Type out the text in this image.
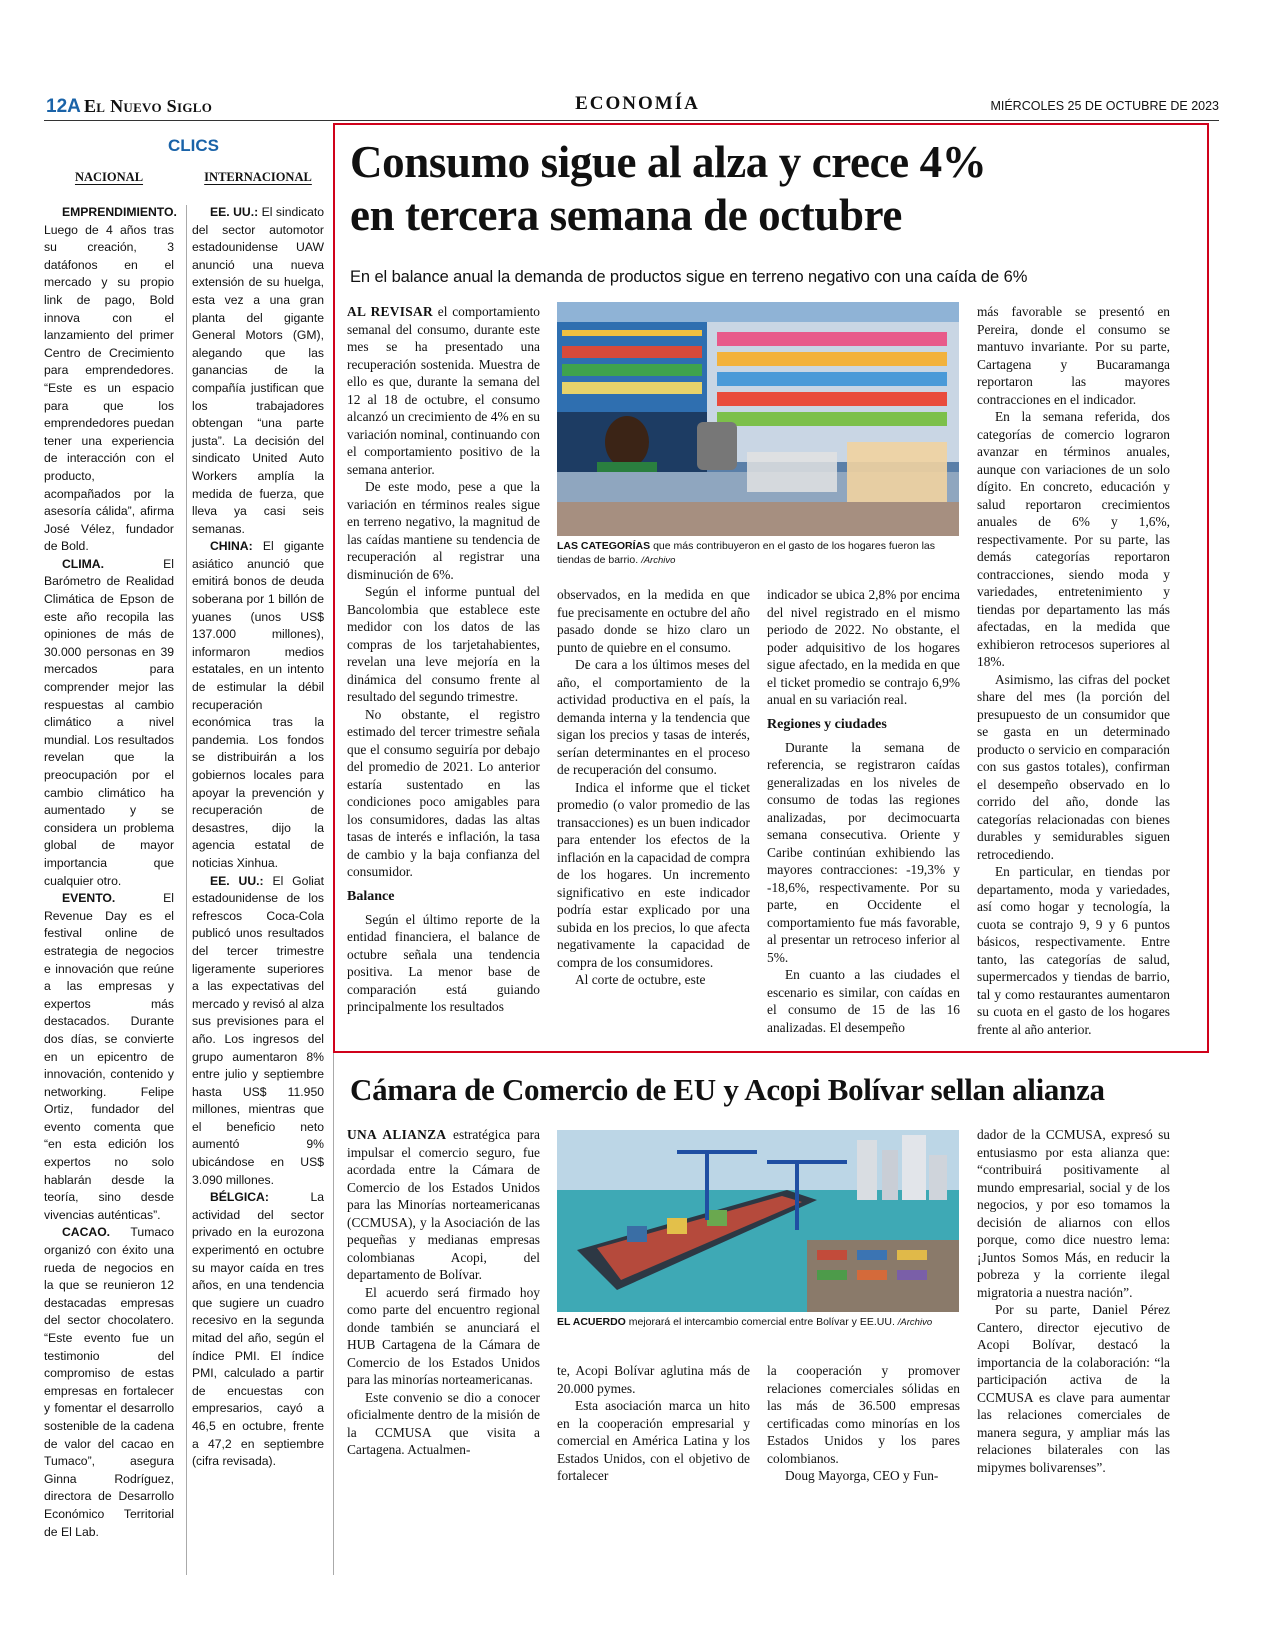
12A El Nuevo Siglo	ECONOMÍA	MIÉRCOLES 25 DE OCTUBRE DE 2023
CLICS
NACIONAL	INTERNACIONAL

EMPRENDIMIENTO. Luego de 4 años tras su creación, 3 datáfonos en el mercado y su propio link de pago, Bold innova con el lanzamiento del primer Centro de Crecimiento para emprendedores. “Este es un espacio para que los emprendedores puedan tener una experiencia de interacción con el producto, acompañados por la asesoría cálida”, afirma José Vélez, fundador de Bold.

CLIMA.	El Barómetro de Realidad Climática de Epson de este año recopila las opiniones de más de 30.000 personas en 39 mercados para comprender mejor las respuestas al cambio climático a nivel mundial. Los resultados revelan que la preocupación por el cambio climático ha aumentado y se considera un problema global de mayor importancia que cualquier otro.

EVENTO.	El Revenue Day es el festival online de estrategia de negocios e innovación que reúne a las empresas y expertos más destacados. Durante dos días, se convierte en un epicentro de innovación, contenido y networking. Felipe Ortiz, fundador del evento comenta que “en esta edición los expertos no solo hablarán desde la teoría, sino desde vivencias auténticas”.

CACAO. Tumaco organizó con éxito una rueda de negocios en la que se reunieron 12 destacadas empresas del sector chocolatero. “Este evento fue un testimonio del compromiso de estas empresas en fortalecer y fomentar el desarrollo sostenible de la cadena de valor del cacao en Tumaco”, asegura Ginna Rodríguez, directora de Desarrollo Económico Territorial de El Lab.

EE. UU.: El sindicato del sector automotor estadounidense UAW anunció una nueva extensión de su huelga, esta vez a una gran planta del gigante General Motors (GM), alegando que las ganancias de la compañía justifican que los trabajadores obtengan “una parte justa”. La decisión del sindicato United Auto Workers amplía la medida de fuerza, que lleva ya casi seis semanas.

CHINA: El gigante asiático anunció que emitirá bonos de deuda soberana por 1 billón de yuanes (unos US$ 137.000 millones), informaron medios estatales, en un intento de estimular la débil recuperación económica tras la pandemia. Los fondos se distribuirán a los gobiernos locales para apoyar la prevención y recuperación de desastres, dijo la agencia estatal de noticias Xinhua.

EE. UU.: El Goliat estadounidense de los refrescos Coca-Cola publicó unos resultados del tercer trimestre ligeramente superiores a las expectativas del mercado y revisó al alza sus previsiones para el año. Los ingresos del grupo aumentaron 8% entre julio y septiembre hasta US$ 11.950 millones, mientras que el beneficio neto aumentó 9% ubicándose en US$ 3.090 millones.

BÉLGICA:	La actividad del sector privado en la eurozona experimentó en octubre su mayor caída en tres años, en una tendencia que sugiere un cuadro recesivo en la segunda mitad del año, según el índice PMI. El índice PMI, calculado a partir de encuestas con empresarios, cayó a 46,5 en octubre, frente a 47,2 en septiembre (cifra revisada).

Consumo sigue al alza y crece 4%
en tercera semana de octubre
En el balance anual la demanda de productos sigue en terreno negativo con una caída de 6%
LAS CATEGORÍAS que más contribuyeron en el gasto de los hogares fueron las tiendas de barrio. /Archivo

AL REVISAR el comportamiento semanal del consumo, durante este mes se ha presentado una recuperación sostenida. Muestra de ello es que, durante la semana del 12 al 18 de octubre, el consumo alcanzó un crecimiento de 4% en su variación nominal, continuando con el comportamiento positivo de la semana anterior.

De este modo, pese a que la variación en términos reales sigue en terreno negativo, la magnitud de las caídas mantiene su tendencia de recuperación al registrar una disminución de 6%.

Según el informe puntual del Bancolombia que establece este medidor con los datos de las compras de los tarjetahabientes, revelan una leve mejoría en la dinámica del consumo frente al resultado del segundo trimestre.

No obstante, el registro estimado del tercer trimestre señala que el consumo seguiría por debajo del promedio de 2021. Lo anterior estaría sustentado en las condiciones poco amigables para los consumidores, dadas las altas tasas de interés e inflación, la tasa de cambio y la baja confianza del consumidor.

Balance

Según el último reporte de la entidad financiera, el balance de octubre señala una tendencia positiva. La menor base de comparación está guiando principalmente los resultados

observados, en la medida en que fue precisamente en octubre del año pasado donde se hizo claro un punto de quiebre en el consumo.

De cara a los últimos meses del año, el comportamiento de la actividad productiva en el país, la demanda interna y la tendencia que sigan los precios y tasas de interés, serían determinantes en el proceso de recuperación del consumo.

Indica el informe que el ticket promedio (o valor promedio de las transacciones) es un buen indicador para entender los efectos de la inflación en la capacidad de compra de los hogares. Un incremento significativo en este indicador podría estar explicado por una subida en los precios, lo que afecta negativamente la capacidad de compra de los consumidores.

Al corte de octubre, este

indicador se ubica 2,8% por encima del nivel registrado en el mismo periodo de 2022. No obstante, el poder adquisitivo de los hogares sigue afectado, en la medida en que el ticket promedio se contrajo 6,9% anual en su variación real.

Regiones y ciudades

Durante la semana de referencia, se registraron caídas generalizadas en los niveles de consumo de todas las regiones analizadas, por decimocuarta semana consecutiva. Oriente y Caribe continúan exhibiendo las mayores contracciones: -19,3% y -18,6%, respectivamente. Por su parte, en Occidente el comportamiento fue más favorable, al presentar un retroceso inferior al 5%.

En cuanto a las ciudades el escenario es similar, con caídas en el consumo de 15 de las 16 analizadas. El desempeño

más favorable se presentó en Pereira, donde el consumo se mantuvo invariante. Por su parte, Cartagena y Bucaramanga reportaron las mayores contracciones en el indicador.

En la semana referida, dos categorías de comercio lograron avanzar en términos anuales, aunque con variaciones de un solo dígito. En concreto, educación y salud reportaron crecimientos anuales de 6% y 1,6%, respectivamente. Por su parte, las demás categorías reportaron contracciones, siendo moda y variedades, entretenimiento y tiendas por departamento las más afectadas, en la medida que exhibieron retrocesos superiores al 18%.

Asimismo, las cifras del pocket share del mes (la porción del presupuesto de un consumidor que se gasta en un determinado producto o servicio en comparación con sus gastos totales), confirman el desempeño observado en lo corrido del año, donde las categorías relacionadas con bienes durables y semidurables siguen retrocediendo.

En particular, en tiendas por departamento, moda y variedades, así como hogar y tecnología, la cuota se contrajo 9, 9 y 6 puntos básicos, respectivamente. Entre tanto, las categorías de salud, supermercados y tiendas de barrio, tal y como restaurantes aumentaron su cuota en el gasto de los hogares frente al año anterior.

Cámara de Comercio de EU y Acopi Bolívar sellan alianza
EL ACUERDO mejorará el intercambio comercial entre Bolívar y EE.UU. /Archivo

UNA ALIANZA estratégica para impulsar el comercio seguro, fue acordada entre la Cámara de Comercio de los Estados Unidos para las Minorías norteamericanas (CCMUSA), y la Asociación de las pequeñas y medianas empresas colombianas Acopi, del departamento de Bolívar.

El acuerdo será firmado hoy como parte del encuentro regional donde también se anunciará el HUB Cartagena de la Cámara de Comercio de los Estados Unidos para las minorías norteamericanas.

Este convenio se dio a conocer oficialmente dentro de la misión de la CCMUSA que visita a Cartagena. Actualmen-

te, Acopi Bolívar aglutina más de 20.000 pymes.

Esta asociación marca un hito en la cooperación empresarial y comercial en América Latina y los Estados Unidos, con el objetivo de fortalecer

la cooperación y promover relaciones comerciales sólidas en las más de 36.500 empresas certificadas como minorías en los Estados Unidos y los pares colombianos.

Doug Mayorga, CEO y Fun-

dador de la CCMUSA, expresó su entusiasmo por esta alianza que: “contribuirá positivamente al mundo empresarial, social y de los negocios, y por eso tomamos la decisión de aliarnos con ellos porque, como dice nuestro lema: ¡Juntos Somos Más, en reducir la pobreza y la corriente ilegal migratoria a nuestra nación”.

Por su parte, Daniel Pérez Cantero, director ejecutivo de Acopi Bolívar, destacó la importancia de la colaboración: “la participación activa de la CCMUSA es clave para aumentar las relaciones comerciales de manera segura, y ampliar más las relaciones bilaterales con las mipymes bolivarenses”.
